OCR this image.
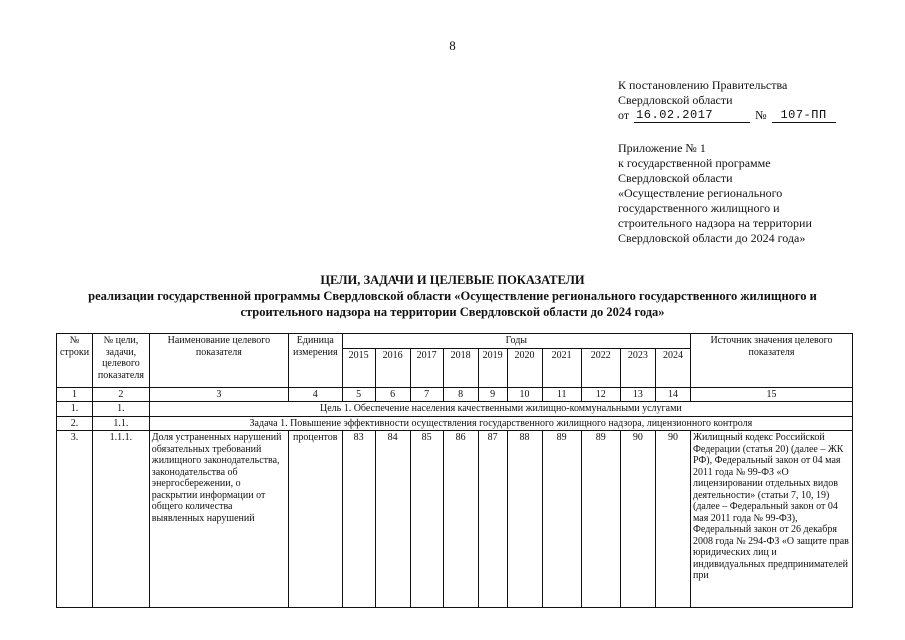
8
К постановлению Правительства
Свердловской области
от 16.02.2017	№	107-ПП
Приложение № 1
к государственной программе
Свердловской области
«Осуществление регионального
государственного жилищного и
строительного надзора на территории
Свердловской области до 2024 года»
ЦЕЛИ, ЗАДАЧИ И ЦЕЛЕВЫЕ ПОКАЗАТЕЛИ
реализации государственной программы Свердловской области «Осуществление регионального государственного жилищного и
строительного надзора на территории Свердловской области до 2024 года»
№ строки	№ цели, задачи, целевого показателя	Наименование целевого показателя	Единица измерения	Годы										Источник значения целевого показателя
				2015	2016	2017	2018	2019	2020	2021	2022	2023	2024	
1	2	3	4	5	6	7	8	9	10	11	12	13	14	15
1.	1.	Цель 1. Обеспечение населения качественными жилищно-коммунальными услугами												
2.	1.1.	Задача 1. Повышение эффективности осуществления государственного жилищного надзора, лицензионного контроля												
3.	1.1.1.	Доля устраненных нарушений обязательных требований жилищного законодательства, законодательства об энергосбережении, о раскрытии информации от общего количества выявленных нарушений	процентов	83	84	85	86	87	88	89	89	90	90	Жилищный кодекс Российской Федерации (статья 20) (далее – ЖК РФ), Федеральный закон от 04 мая 2011 года № 99-ФЗ «О лицензировании отдельных видов деятельности» (статьи 7, 10, 19) (далее – Федеральный закон от 04 мая 2011 года № 99-ФЗ), Федеральный закон от 26 декабря 2008 года № 294-ФЗ «О защите прав юридических лиц и индивидуальных предпринимателей при
